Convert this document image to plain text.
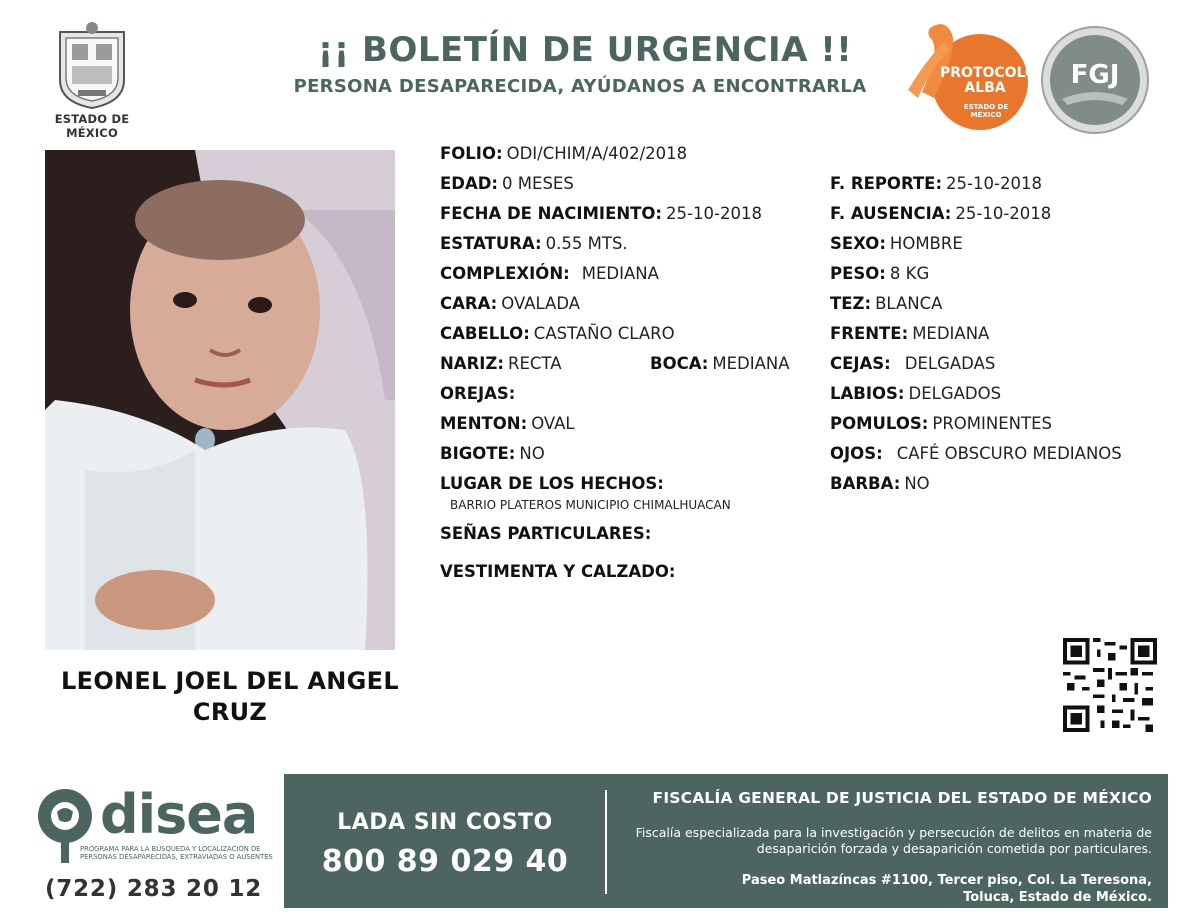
ESTADO DE MÉXICO
¡¡ BOLETÍN DE URGENCIA !!
PERSONA DESAPARECIDA, AYÚDANOS A ENCONTRARLA
PROTOCOLO
ALBA
ESTADO DE MÉXICO
FGJ
LEONEL JOEL DEL ANGEL
CRUZ
FOLIO: ODI/CHIM/A/402/2018
EDAD: 0 MESES
FECHA DE NACIMIENTO: 25-10-2018
ESTATURA: 0.55 MTS.
COMPLEXIÓN: MEDIANA
CARA: OVALADA
CABELLO: CASTAÑO CLARO
NARIZ: RECTA	BOCA: MEDIANA
OREJAS:
MENTON: OVAL
BIGOTE: NO
LUGAR DE LOS HECHOS:
BARRIO PLATEROS MUNICIPIO CHIMALHUACAN
SEÑAS PARTICULARES:
VESTIMENTA Y CALZADO:
F. REPORTE: 25-10-2018
F. AUSENCIA: 25-10-2018
SEXO: HOMBRE
PESO: 8 KG
TEZ: BLANCA
FRENTE: MEDIANA
CEJAS: DELGADAS
LABIOS: DELGADOS
POMULOS: PROMINENTES
OJOS: CAFÉ OBSCURO MEDIANOS
BARBA: NO
disea
PROGRAMA PARA LA BÚSQUEDA Y LOCALIZACIÓN DE PERSONAS DESAPARECIDAS, EXTRAVIADAS O AUSENTES
(722) 283 20 12
LADA SIN COSTO
800 89 029 40
FISCALÍA GENERAL DE JUSTICIA DEL ESTADO DE MÉXICO
Fiscalía especializada para la investigación y persecución de delitos en materia de desaparición forzada y desaparición cometida por particulares.
Paseo Matlazíncas #1100, Tercer piso, Col. La Teresona,
Toluca, Estado de México.
